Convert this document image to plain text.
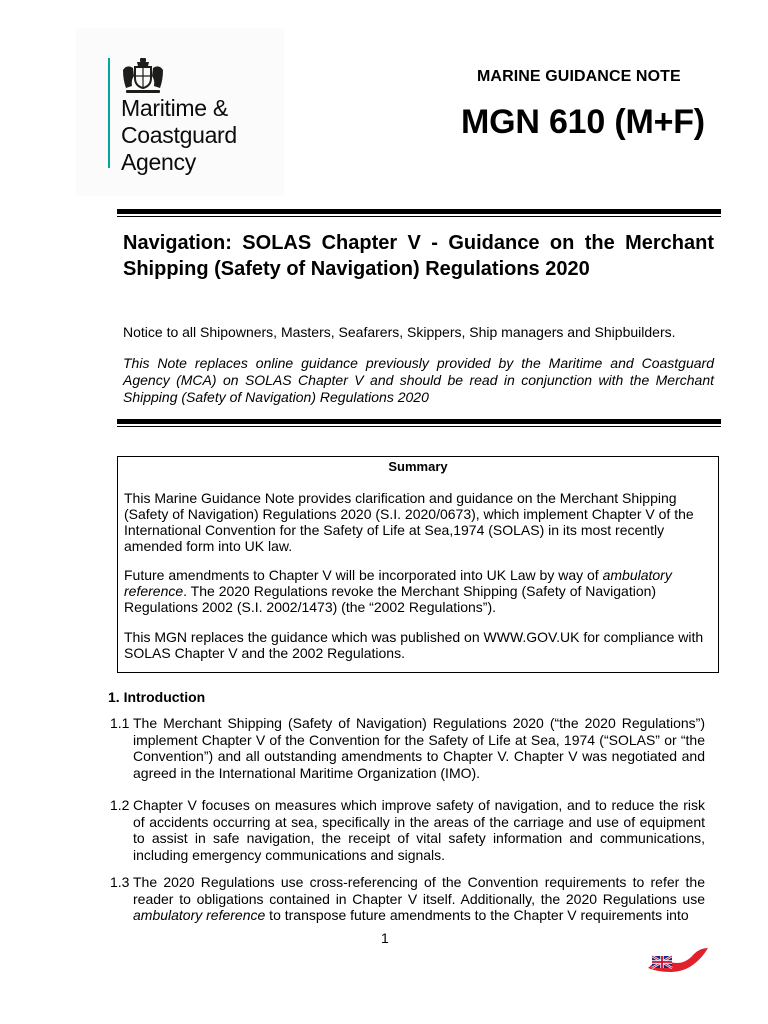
Maritime &
Coastguard
Agency
MARINE GUIDANCE NOTE
MGN 610 (M+F)
Navigation: SOLAS Chapter V - Guidance on the Merchant Shipping (Safety of Navigation) Regulations 2020
Notice to all Shipowners, Masters, Seafarers, Skippers, Ship managers and Shipbuilders.
This Note replaces online guidance previously provided by the Maritime and Coastguard Agency (MCA) on SOLAS Chapter V and should be read in conjunction with the Merchant Shipping (Safety of Navigation) Regulations 2020
Summary

This Marine Guidance Note provides clarification and guidance on the Merchant Shipping (Safety of Navigation) Regulations 2020 (S.I. 2020/0673), which implement Chapter V of the International Convention for the Safety of Life at Sea,1974 (SOLAS) in its most recently amended form into UK law.

Future amendments to Chapter V will be incorporated into UK Law by way of ambulatory reference. The 2020 Regulations revoke the Merchant Shipping (Safety of Navigation) Regulations 2002 (S.I. 2002/1473) (the “2002 Regulations”).

This MGN replaces the guidance which was published on WWW.GOV.UK for compliance with SOLAS Chapter V and the 2002 Regulations.

1. Introduction
1.1 The Merchant Shipping (Safety of Navigation) Regulations 2020 (“the 2020 Regulations”) implement Chapter V of the Convention for the Safety of Life at Sea, 1974 (“SOLAS” or “the Convention”) and all outstanding amendments to Chapter V. Chapter V was negotiated and agreed in the International Maritime Organization (IMO).
1.2 Chapter V focuses on measures which improve safety of navigation, and to reduce the risk of accidents occurring at sea, specifically in the areas of the carriage and use of equipment to assist in safe navigation, the receipt of vital safety information and communications, including emergency communications and signals.
1.3 The 2020 Regulations use cross-referencing of the Convention requirements to refer the reader to obligations contained in Chapter V itself. Additionally, the 2020 Regulations use ambulatory reference to transpose future amendments to the Chapter V requirements into
1
